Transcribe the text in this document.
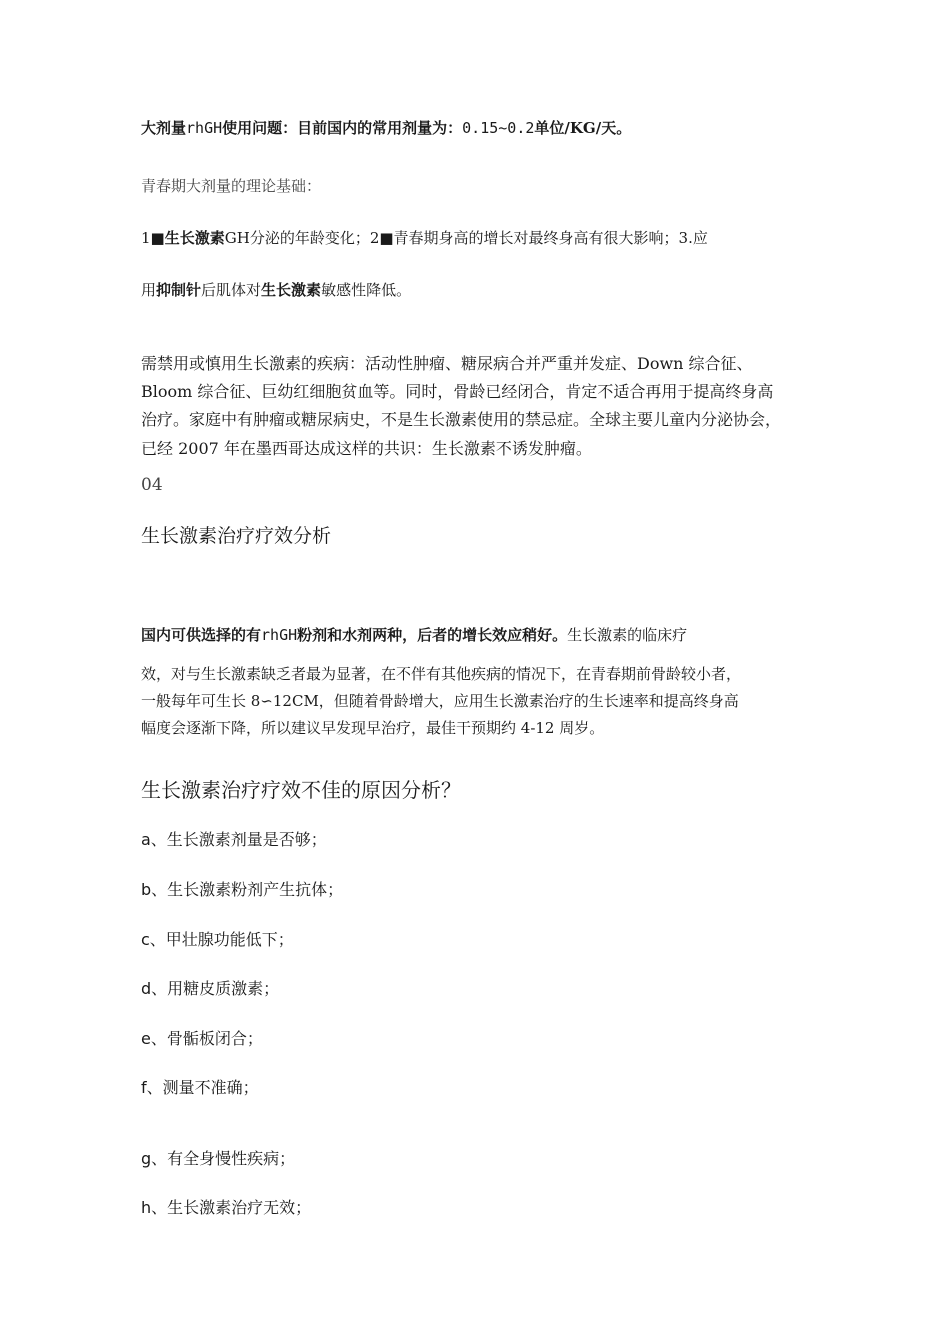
大剂量rhGH使用问题：目前国内的常用剂量为：0.15~0.2单位/KG/天。
青春期大剂量的理论基础：
1■生长激素GH分泌的年龄变化；2■青春期身高的增长对最终身高有很大影响；3.应
用抑制针后肌体对生长激素敏感性降低。
需禁用或慎用生长激素的疾病：活动性肿瘤、糖尿病合并严重并发症、Down 综合征、
Bloom 综合征、巨幼红细胞贫血等。同时，骨龄已经闭合，肯定不适合再用于提高终身高
治疗。家庭中有肿瘤或糖尿病史，不是生长激素使用的禁忌症。全球主要儿童内分泌协会，
已经 2007 年在墨西哥达成这样的共识：生长激素不诱发肿瘤。
04
生长激素治疗疗效分析
国内可供选择的有rhGH粉剂和水剂两种，后者的增长效应稍好。生长激素的临床疗
效，对与生长激素缺乏者最为显著，在不伴有其他疾病的情况下，在青春期前骨龄较小者，
一般每年可生长 8∽12CM，但随着骨龄增大，应用生长激素治疗的生长速率和提高终身高
幅度会逐渐下降，所以建议早发现早治疗，最佳干预期约 4-12 周岁。
生长激素治疗疗效不佳的原因分析？
a、生长激素剂量是否够；
b、生长激素粉剂产生抗体；
c、甲壮腺功能低下；
d、用糖皮质激素；
e、骨骺板闭合；
f、测量不准确；
g、有全身慢性疾病；
h、生长激素治疗无效；
